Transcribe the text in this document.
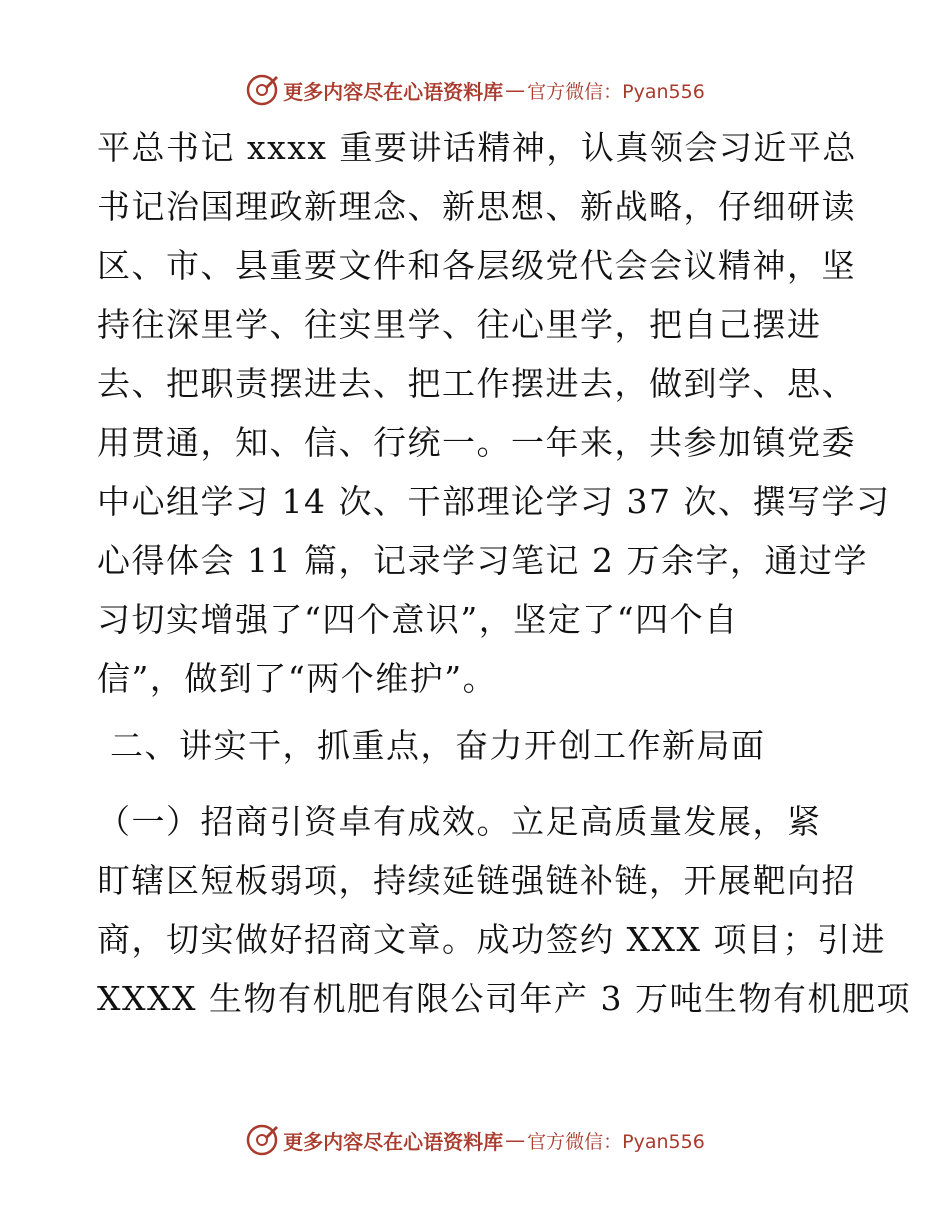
更多内容尽在心语资料库 — 官方微信：Pyan556
平总书记 xxxx 重要讲话精神，认真领会习近平总
书记治国理政新理念、新思想、新战略，仔细研读
区、市、县重要文件和各层级党代会会议精神，坚
持往深里学、往实里学、往心里学，把自己摆进
去、把职责摆进去、把工作摆进去，做到学、思、
用贯通，知、信、行统一。一年来，共参加镇党委
中心组学习 14 次、干部理论学习 37 次、撰写学习
心得体会 11 篇，记录学习笔记 2 万余字，通过学
习切实增强了“四个意识”，坚定了“四个自
信”，做到了“两个维护”。
二、讲实干，抓重点，奋力开创工作新局面
（一）招商引资卓有成效。立足高质量发展，紧
盯辖区短板弱项，持续延链强链补链，开展靶向招
商，切实做好招商文章。成功签约 XXX 项目；引进
XXXX 生物有机肥有限公司年产 3 万吨生物有机肥项
更多内容尽在心语资料库 — 官方微信：Pyan556
